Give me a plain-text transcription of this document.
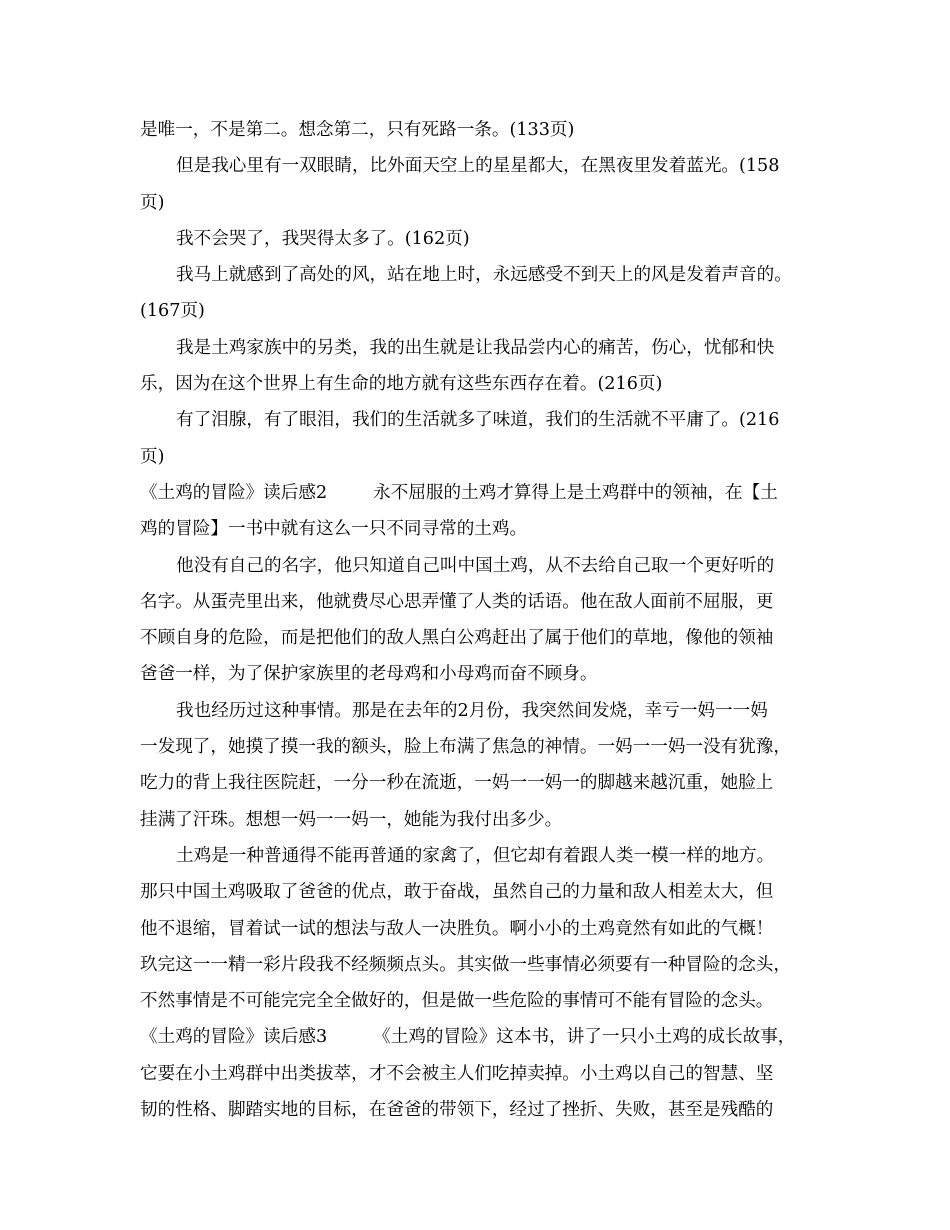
是唯一，不是第二。想念第二，只有死路一条。(133页)
但是我心里有一双眼睛，比外面天空上的星星都大，在黑夜里发着蓝光。(158
页)
我不会哭了，我哭得太多了。(162页)
我马上就感到了高处的风，站在地上时，永远感受不到天上的风是发着声音的。
(167页)
我是土鸡家族中的另类，我的出生就是让我品尝内心的痛苦，伤心，忧郁和快
乐，因为在这个世界上有生命的地方就有这些东西存在着。(216页)
有了泪腺，有了眼泪，我们的生活就多了味道，我们的生活就不平庸了。(216
页)
《土鸡的冒险》读后感2	永不屈服的土鸡才算得上是土鸡群中的领袖，在【土
鸡的冒险】一书中就有这么一只不同寻常的土鸡。
他没有自己的名字，他只知道自己叫中国土鸡，从不去给自己取一个更好听的
名字。从蛋壳里出来，他就费尽心思弄懂了人类的话语。他在敌人面前不屈服，更
不顾自身的危险，而是把他们的敌人黑白公鸡赶出了属于他们的草地，像他的领袖
爸爸一样，为了保护家族里的老母鸡和小母鸡而奋不顾身。
我也经历过这种事情。那是在去年的2月份，我突然间发烧，幸亏一妈一一妈
一发现了，她摸了摸一我的额头，脸上布满了焦急的神情。一妈一一妈一没有犹豫，
吃力的背上我往医院赶，一分一秒在流逝，一妈一一妈一的脚越来越沉重，她脸上
挂满了汗珠。想想一妈一一妈一，她能为我付出多少。
土鸡是一种普通得不能再普通的家禽了，但它却有着跟人类一模一样的地方。
那只中国土鸡吸取了爸爸的优点，敢于奋战，虽然自己的力量和敌人相差太大，但
他不退缩，冒着试一试的想法与敌人一决胜负。啊小小的土鸡竟然有如此的气概！
玖完这一一精一彩片段我不经频频点头。其实做一些事情必须要有一种冒险的念头，
不然事情是不可能完完全全做好的，但是做一些危险的事情可不能有冒险的念头。
《土鸡的冒险》读后感3	《土鸡的冒险》这本书，讲了一只小土鸡的成长故事，
它要在小土鸡群中出类拔萃，才不会被主人们吃掉卖掉。小土鸡以自己的智慧、坚
韧的性格、脚踏实地的目标，在爸爸的带领下，经过了挫折、失败，甚至是残酷的
